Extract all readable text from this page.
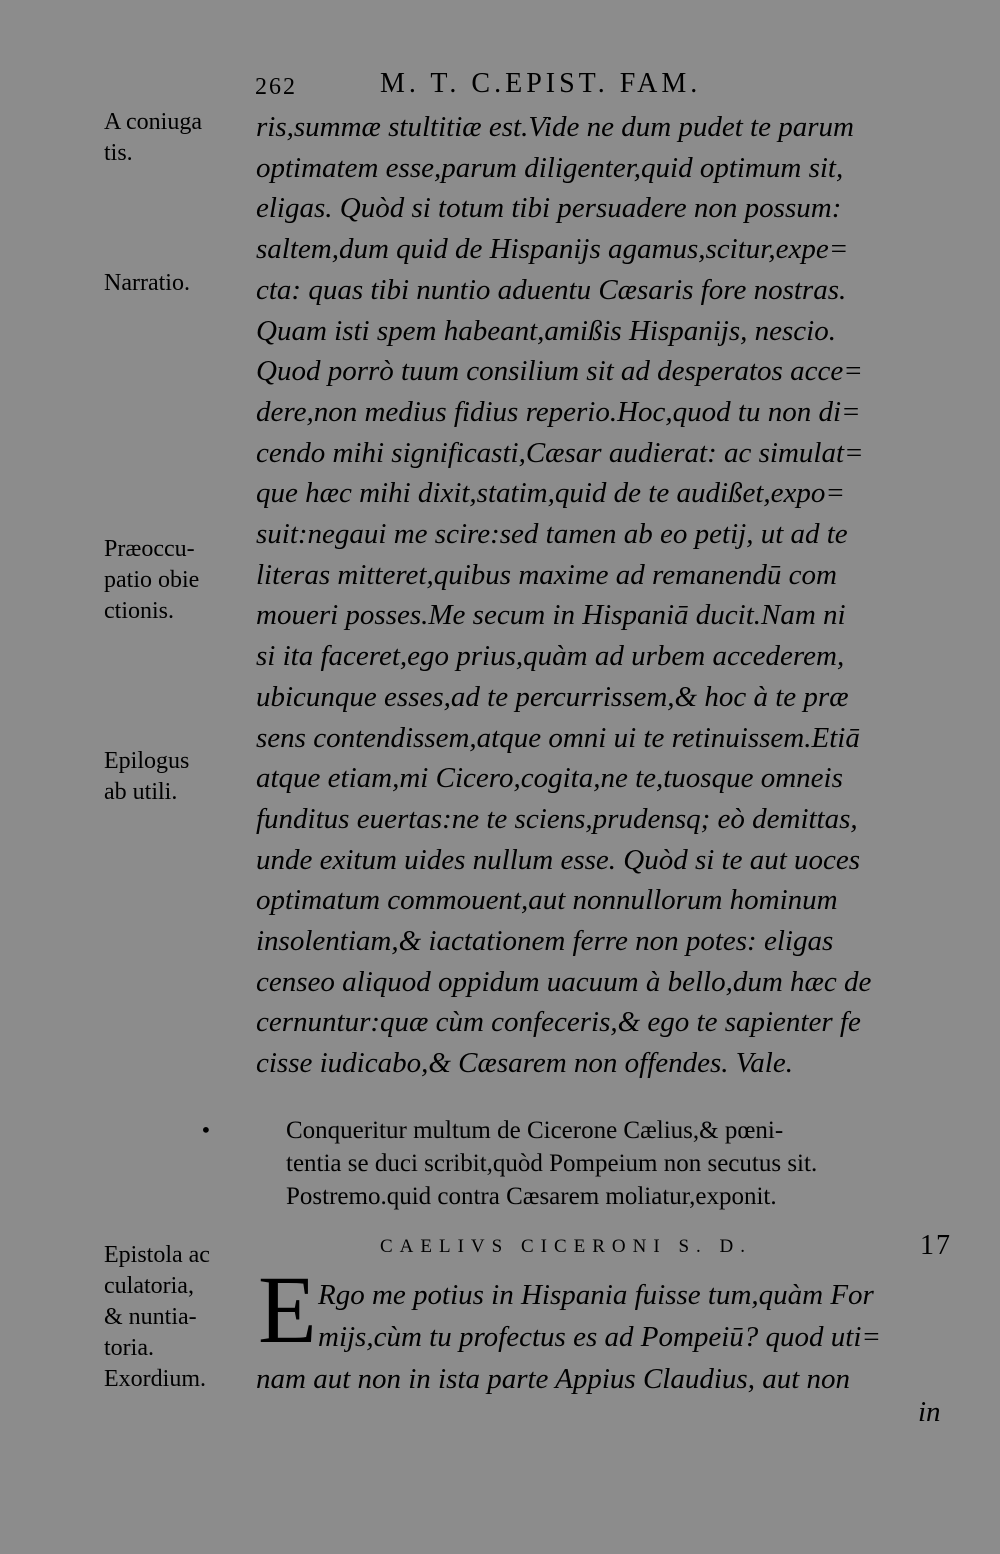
262	M. T. C.EPIST. FAM.
A coniuga
tis.
Narratio.
Præoccu-
patio obie
ctionis.
Epilogus
ab utili.
ris,summæ stultitiæ est.Vide ne dum pudet te parum
optimatem esse,parum diligenter,quid optimum sit,
eligas. Quòd si totum tibi persuadere non possum:
saltem,dum quid de Hispanijs agamus,scitur,expe=
cta: quas tibi nuntio aduentu Cæsaris fore nostras.
Quam isti spem habeant,amißis Hispanijs, nescio.
Quod porrò tuum consilium sit ad desperatos acce=
dere,non medius fidius reperio.Hoc,quod tu non di=
cendo mihi significasti,Cæsar audierat: ac simulat=
que hæc mihi dixit,statim,quid de te audißet,expo=
suit:negaui me scire:sed tamen ab eo petij, ut ad te
literas mitteret,quibus maxime ad remanendū com
moueri posses.Me secum in Hispaniā ducit.Nam ni
si ita faceret,ego prius,quàm ad urbem accederem,
ubicunque esses,ad te percurrissem,& hoc à te præ
sens contendissem,atque omni ui te retinuissem.Etiā
atque etiam,mi Cicero,cogita,ne te,tuosque omneis
funditus euertas:ne te sciens,prudensq; eò demittas,
unde exitum uides nullum esse. Quòd si te aut uoces
optimatum commouent,aut nonnullorum hominum
insolentiam,& iactationem ferre non potes: eligas
censeo aliquod oppidum uacuum à bello,dum hæc de
cernuntur:quæ cùm confeceris,& ego te sapienter fe
cisse iudicabo,& Cæsarem non offendes. Vale.
•	Conqueritur multum de Cicerone Cælius,& pœni-
tentia se duci scribit,quòd Pompeium non secutus sit.
Postremo.quid contra Cæsarem moliatur,exponit.
Epistola ac
culatoria,
& nuntia-
toria.
Exordium.
CAELIVS CICERONI S. D.	17
E Rgo me potius in Hispania fuisse tum,quàm For
mijs,cùm tu profectus es ad Pompeiū? quod uti=
nam aut non in ista parte Appius Claudius, aut non
in
